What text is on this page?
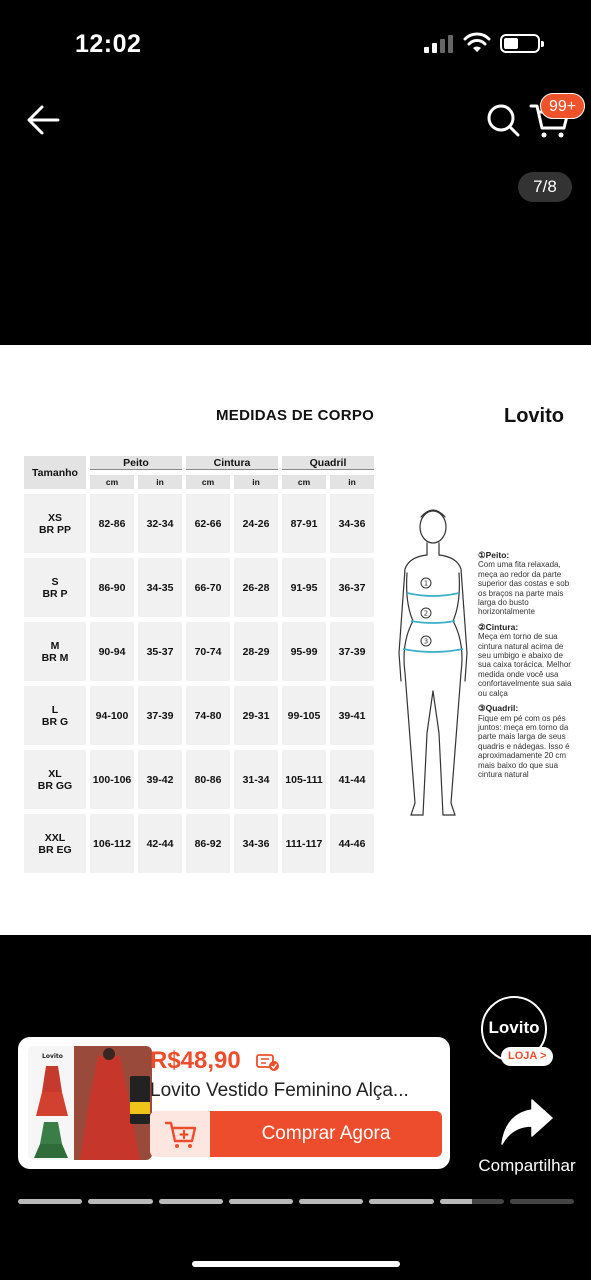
12:02
99+
7/8
MEDIDAS DE CORPO	Lovito
Tamanho	Peito		Cintura		Quadril	
	cm	in	cm	in	cm	in
XS
BR PP	82-86	32-34	62-66	24-26	87-91	34-36
S
BR P	86-90	34-35	66-70	26-28	91-95	36-37
M
BR M	90-94	35-37	70-74	28-29	95-99	37-39
L
BR G	94-100	37-39	74-80	29-31	99-105	39-41
XL
BR GG	100-106	39-42	80-86	31-34	105-111	41-44
XXL
BR EG	106-112	42-44	86-92	34-36	111-117	44-46
1
2
3
①Peito:

Com uma fita relaxada, meça ao redor da parte superior das costas e sob os braços na parte mais larga do busto horizontalmente

②Cintura:

Meça em torno de sua cintura natural acima de seu umbigo e abaixo de sua caixa torácica. Melhor medida onde você usa confortavelmente sua saia ou calça

③Quadril:

Fique em pé com os pés juntos: meça em torno da parte mais larga de seus quadris e nádegas. Isso é aproximadamente 20 cm mais baixo do que sua cintura natural

Lovito
LOJA >
Lovito	R$48,90
Lovito Vestido Feminino Alça...
Comprar Agora
Compartilhar
